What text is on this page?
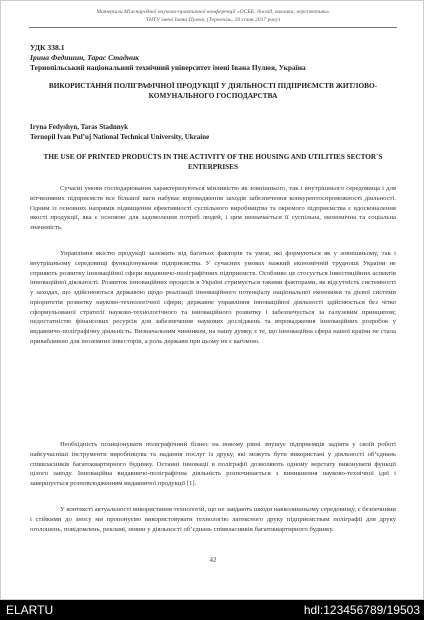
Матеріали Міжнародної науково-практичної конференції «ОСББ: досвід, виклики, перспективи»
ТНТУ імені Івана Пулюя, (Тернопіль, 20 січня 2017 року)
УДК 338.1
Ірина Федишин, Тарас Стадник
Тернопільський національний технічний університет імені Івана Пулюя, Україна
ВИКОРИСТАННЯ ПОЛІГРАФІЧНОЇ ПРОДУКЦІЇ У ДІЯЛЬНОСТІ ПІДПРИЄМСТВ ЖИТЛОВО-КОМУНАЛЬНОГО ГОСПОДАРСТВА
Iryna Fedyshyn, Taras Stadnnyk
Ternopil Ivan Pul’uj National Technical University, Ukraine
THE USE OF PRINTED PRODUCTS IN THE ACTIVITY OF THE HOUSING AND UTILITIES SECTOR`S ENTERPRISES

Сучасні умови господарювання характеризуються мінливістю як зовнішнього, так і внутрішнього середовища і для вітчизняних підприємств все більшої ваги набуває впровадження заходів забезпечення конкурентоспроможності діяльності. Одним із основних напрямів підвищення ефективності суспільного виробництва та окремого підприємства є вдосконалення якості продукції, яка є основою для задоволення потреб людей, і цим визначається її суспільна, економічна та соціальна значимість.

Управління якістю продукції залежить від багатьох факторів та умов, які формуються як у зовнішньому, так і внутрішньому середовищі функціонування підприємства. У сучасних умовах нажкий економічній трудноші України не сприяють розвитку інноваційної сфери видавничо-поліграфічних підприємств. Особливо це стосується інвестиційних аспектів інноваційної діяльності. Розвиток інноваційних процесів в Україні стримується такими факторами, як відсутність системності у заходах, що здійснюються державою щодо реалізації інноваційного потенціалу національної економіки та дієвої системи пріоритетів розвитку науково-технологічної сфери; державне управління інноваційної діяльності здійснюється без чітко сформульованої стратегії науково-технологічного та інноваційного розвитку і забезпечується за галузевим принципом; недостатністю фінансових ресурсів для забезпечення наукових досліджень та впровадження інноваційних розробок у видавничо-поліграфічну діяльність. Визначальним чинником, на нашу думку, є те, що інноваційна сфера нашої країни не стала привабливою для іноземних інвесторів, а роль держави при цьому не є вагомою.

Необхідність позиціонувати поліграфічний бізнес на новому рівні змушує підприємців задіяти у своїй роботі найсучасніші інструменти виробництва та надання послуг із друку, які можуть бути використані у діяльності об’єднань співвласників багатоквартирного будинку. Останні інновації в поліграфії дозволяють одному верстату виконувати функції цілого заводу. Інноваційна видавничо-поліграфічна діяльність розпочинається з виникнення науково-технічної ідеї і завершується розповсюдженням видавничої продукції [1].

У контексті актуальності використання технологій, що не завдають шкоди навколишньому середовищу, є безпечними і стійкими до зносу ми пропонуємо використовувати технологію латексного друку підприємствам поліграфії для друку оголошень, повідомлень, рекламі, новин у діяльності об’єднань співвласників багатоквартирного будинку.

42
ELARTU	hdl:123456789/19503
